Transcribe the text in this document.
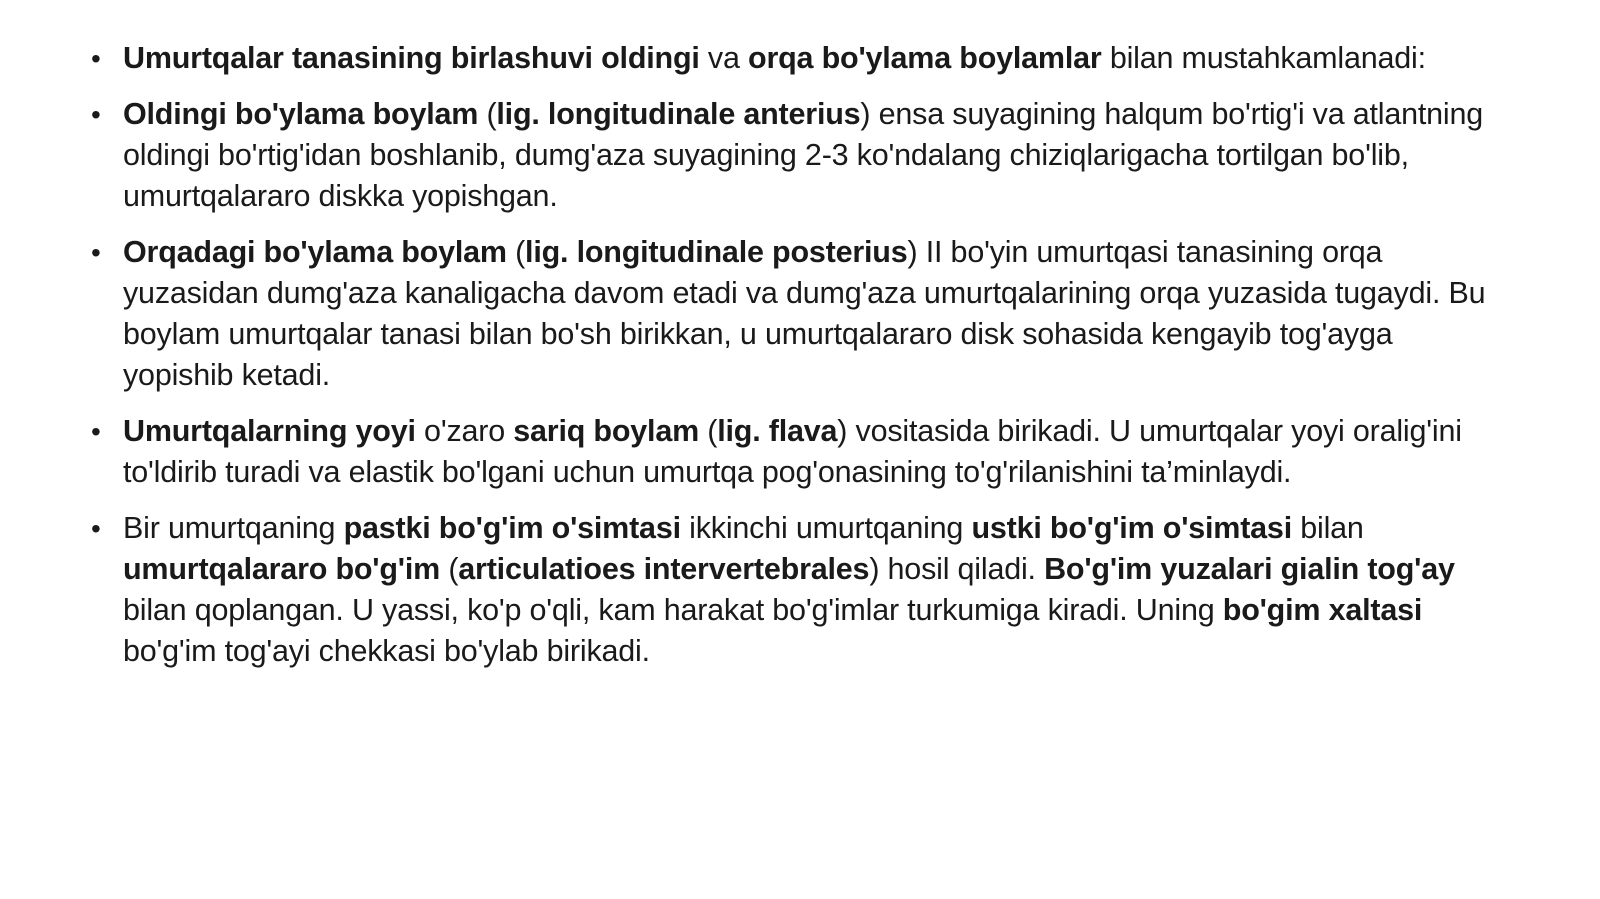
• Umurtqalar tanasining birlashuvi oldingi va orqa bo'ylama boylamlar bilan mustahkamlanadi:
• Oldingi bo'ylama boylam (lig. longitudinale anterius) ensa suyagining halqum bo'rtig'i va atlantning oldingi bo'rtig'idan boshlanib, dumg'aza suyagining 2-3 ko'ndalang chiziqlarigacha tortilgan bo'lib, umurtqalararo diskka yopishgan.
• Orqadagi bo'ylama boylam (lig. longitudinale posterius) II bo'yin umurtqasi tanasining orqa yuzasidan dumg'aza kanaligacha davom etadi va dumg'aza umurtqalarining orqa yuzasida tugaydi. Bu boylam umurtqalar tanasi bilan bo'sh birikkan, u umurtqalararo disk sohasida kengayib tog'ayga yopishib ketadi.
• Umurtqalarning yoyi o'zaro sariq boylam (lig. flava) vositasida birikadi. U umurtqalar yoyi oralig'ini to'ldirib turadi va elastik bo'lgani uchun umurtqa pog'onasining to'g'rilanishini ta’minlaydi.
• Bir umurtqaning pastki bo'g'im o'simtasi ikkinchi umurtqaning ustki bo'g'im o'simtasi bilan umurtqalararo bo'g'im (articulatioes intervertebrales) hosil qiladi. Bo'g'im yuzalari gialin tog'ay bilan qoplangan. U yassi, ko'p o'qli, kam harakat bo'g'imlar turkumiga kiradi. Uning bo'gim xaltasi bo'g'im tog'ayi chekkasi bo'ylab birikadi.
